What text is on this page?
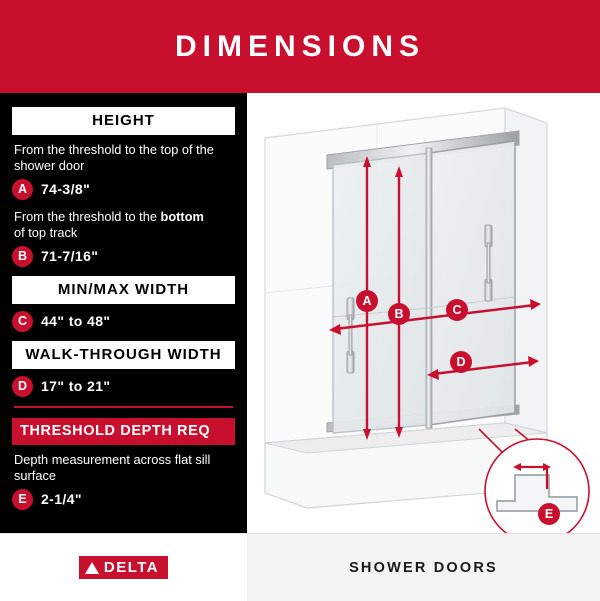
DIMENSIONS
HEIGHT

From the threshold to the top of the shower door

A 74-3/8"

From the threshold to the bottom
of top track

B 71-7/16"
MIN/MAX WIDTH
C 44" to 48"
WALK-THROUGH WIDTH
D 17" to 21"
THRESHOLD DEPTH REQ

Depth measurement across flat sill surface

E	2-1/4"
A
B	C
D
E
DELTA	SHOWER DOORS
